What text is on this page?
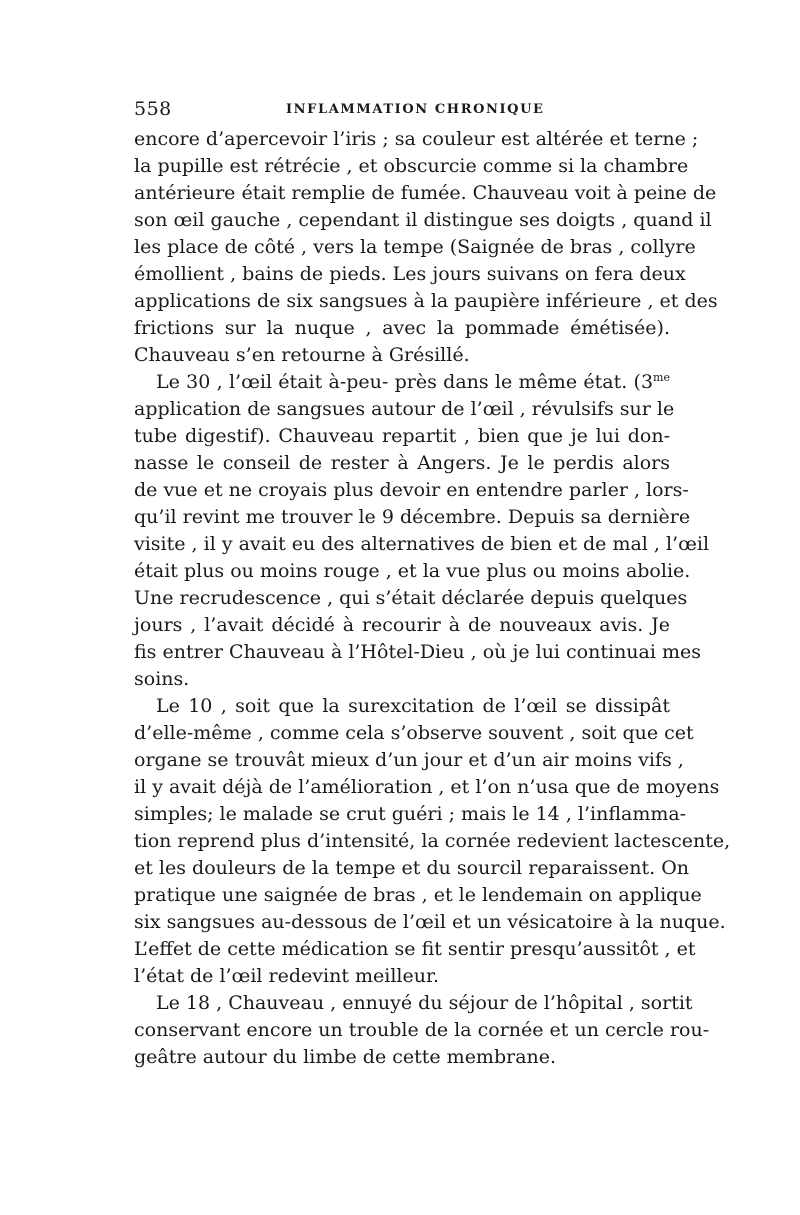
558	INFLAMMATION CHRONIQUE
encore d’apercevoir l’iris ; sa couleur est altérée et terne ;
la pupille est rétrécie , et obscurcie comme si la chambre
antérieure était remplie de fumée. Chauveau voit à peine de
son œil gauche , cependant il distingue ses doigts , quand il
les place de côté , vers la tempe (Saignée de bras , collyre
émollient , bains de pieds. Les jours suivans on fera deux
applications de six sangsues à la paupière inférieure , et des
frictions sur la nuque , avec la pommade émétisée).
Chauveau s’en retourne à Grésillé.
Le 30 , l’œil était à-peu- près dans le même état. ($3^{me}$
application de sangsues autour de l’œil , révulsifs sur le
tube digestif). Chauveau repartit , bien que je lui don-
nasse le conseil de rester à Angers. Je le perdis alors
de vue et ne croyais plus devoir en entendre parler , lors-
qu’il revint me trouver le 9 décembre. Depuis sa dernière
visite , il y avait eu des alternatives de bien et de mal , l’œil
était plus ou moins rouge , et la vue plus ou moins abolie.
Une recrudescence , qui s’était déclarée depuis quelques
jours , l’avait décidé à recourir à de nouveaux avis. Je
fis entrer Chauveau à l’Hôtel-Dieu , où je lui continuai mes
soins.
Le 10 , soit que la surexcitation de l’œil se dissipât
d’elle-même , comme cela s’observe souvent , soit que cet
organe se trouvât mieux d’un jour et d’un air moins vifs ,
il y avait déjà de l’amélioration , et l’on n’usa que de moyens
simples; le malade se crut guéri ; mais le 14 , l’inflamma-
tion reprend plus d’intensité, la cornée redevient lactescente,
et les douleurs de la tempe et du sourcil reparaissent. On
pratique une saignée de bras , et le lendemain on applique
six sangsues au-dessous de l’œil et un vésicatoire à la nuque.
L’effet de cette médication se fit sentir presqu’aussitôt , et
l’état de l’œil redevint meilleur.
Le 18 , Chauveau , ennuyé du séjour de l’hôpital , sortit
conservant encore un trouble de la cornée et un cercle rou-
geâtre autour du limbe de cette membrane.
